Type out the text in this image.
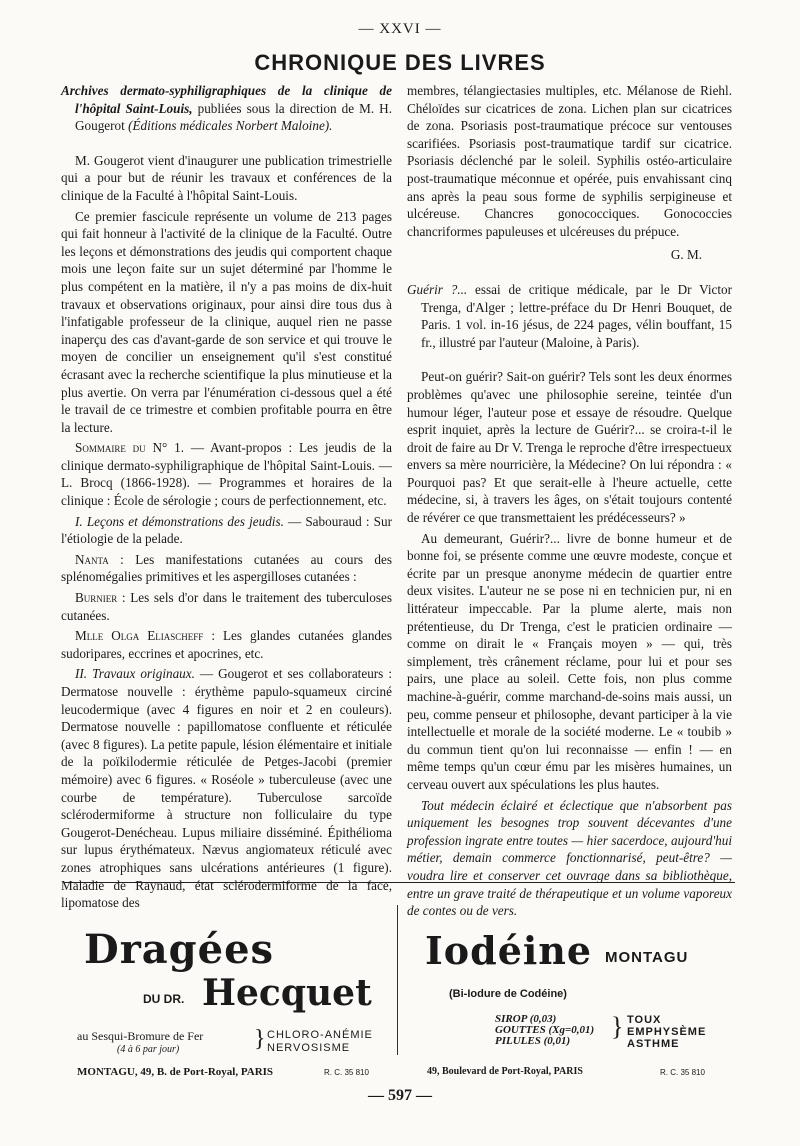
— XXVI —
CHRONIQUE DES LIVRES

Archives dermato-syphiligraphiques de la clinique de l'hôpital Saint-Louis, publiées sous la direction de M. H. Gougerot (Éditions médicales Norbert Maloine).

M. Gougerot vient d'inaugurer une publication trimestrielle qui a pour but de réunir les travaux et conférences de la clinique de la Faculté à l'hôpital Saint-Louis.

Ce premier fascicule représente un volume de 213 pages qui fait honneur à l'activité de la clinique de la Faculté. Outre les leçons et démonstrations des jeudis qui comportent chaque mois une leçon faite sur un sujet déterminé par l'homme le plus compétent en la matière, il n'y a pas moins de dix-huit travaux et observations originaux, pour ainsi dire tous dus à l'infatigable professeur de la clinique, auquel rien ne passe inaperçu des cas d'avant-garde de son service et qui trouve le moyen de concilier un enseignement qu'il s'est constitué écrasant avec la recherche scientifique la plus minutieuse et la plus avertie. On verra par l'énumération ci-dessous quel a été le travail de ce trimestre et combien profitable pourra en être la lecture.

Sommaire du N° 1. — Avant-propos : Les jeudis de la clinique dermato-syphiligraphique de l'hôpital Saint-Louis. — L. Brocq (1866-1928). — Programmes et horaires de la clinique : École de sérologie ; cours de perfectionnement, etc.

I. Leçons et démonstrations des jeudis. — Sabouraud : Sur l'étiologie de la pelade.

Nanta : Les manifestations cutanées au cours des splénomégalies primitives et les aspergilloses cutanées :

Burnier : Les sels d'or dans le traitement des tuberculoses cutanées.

Mlle Olga Eliascheff : Les glandes cutanées glandes sudoripares, eccrines et apocrines, etc.

II. Travaux originaux. — Gougerot et ses collaborateurs : Dermatose nouvelle : érythème papulo-squameux circiné leucodermique (avec 4 figures en noir et 2 en couleurs). Dermatose nouvelle : papillomatose confluente et réticulée (avec 8 figures). La petite papule, lésion élémentaire et initiale de la poïkilodermie réticulée de Petges-Jacobi (premier mémoire) avec 6 figures. « Roséole » tuberculeuse (avec une courbe de température). Tuberculose sarcoïde sclérodermiforme à structure non folliculaire du type Gougerot-Denécheau. Lupus miliaire disséminé. Épithélioma sur lupus érythémateux. Nævus angiomateux réticulé avec zones atrophiques sans ulcérations antérieures (1 figure). Maladie de Raynaud, état sclérodermiforme de la face, lipomatose des

membres, télangiectasies multiples, etc. Mélanose de Riehl. Chéloïdes sur cicatrices de zona. Lichen plan sur cicatrices de zona. Psoriasis post-traumatique précoce sur ventouses scarifiées. Psoriasis post-traumatique tardif sur cicatrice. Psoriasis déclenché par le soleil. Syphilis ostéo-articulaire post-traumatique méconnue et opérée, puis envahissant cinq ans après la peau sous forme de syphilis serpigineuse et ulcéreuse. Chancres gonococciques. Gonococcies chancriformes papuleuses et ulcéreuses du prépuce.

G. M.

Guérir ?... essai de critique médicale, par le Dr Victor Trenga, d'Alger ; lettre-préface du Dr Henri Bouquet, de Paris. 1 vol. in-16 jésus, de 224 pages, vélin bouffant, 15 fr., illustré par l'auteur (Maloine, à Paris).

Peut-on guérir? Sait-on guérir? Tels sont les deux énormes problèmes qu'avec une philosophie sereine, teintée d'un humour léger, l'auteur pose et essaye de résoudre. Quelque esprit inquiet, après la lecture de Guérir?... se croira-t-il le droit de faire au Dr V. Trenga le reproche d'être irrespectueux envers sa mère nourricière, la Médecine? On lui répondra : « Pourquoi pas? Et que serait-elle à l'heure actuelle, cette médecine, si, à travers les âges, on s'était toujours contenté de révérer ce que transmettaient les prédécesseurs? »

Au demeurant, Guérir?... livre de bonne humeur et de bonne foi, se présente comme une œuvre modeste, conçue et écrite par un presque anonyme médecin de quartier entre deux visites. L'auteur ne se pose ni en technicien pur, ni en littérateur impeccable. Par la plume alerte, mais non prétentieuse, du Dr Trenga, c'est le praticien ordinaire — comme on dirait le « Français moyen » — qui, très simplement, très crânement réclame, pour lui et pour ses pairs, une place au soleil. Cette fois, non plus comme machine-à-guérir, comme marchand-de-soins mais aussi, un peu, comme penseur et philosophe, devant participer à la vie intellectuelle et morale de la société moderne. Le « toubib » du commun tient qu'on lui reconnaisse — enfin ! — en même temps qu'un cœur ému par les misères humaines, un cerveau ouvert aux spéculations les plus hautes.

Tout médecin éclairé et éclectique que n'absorbent pas uniquement les besognes trop souvent décevantes d'une profession ingrate entre toutes — hier sacerdoce, aujourd'hui métier, demain commerce fonctionnarisé, peut-être? — voudra lire et conserver cet ouvrage dans sa bibliothèque, entre un grave traité de thérapeutique et un volume vaporeux de contes ou de vers.

Dragées
DU DR. Hecquet
au Sesqui-Bromure de Fer
(4 à 6 par jour)	} CHLORO-ANÉMIE
NERVOSISME
MONTAGU, 49, B. de Port-Royal, PARIS	R. C. 35 810
Iodéine MONTAGU
(Bi-Iodure de Codéine)
SIROP (0,03)
GOUTTES (Xg=0,01)
PILULES (0,01)	} TOUX
EMPHYSÈME
ASTHME
49, Boulevard de Port-Royal, PARIS	R. C. 35 810
— 597 —
